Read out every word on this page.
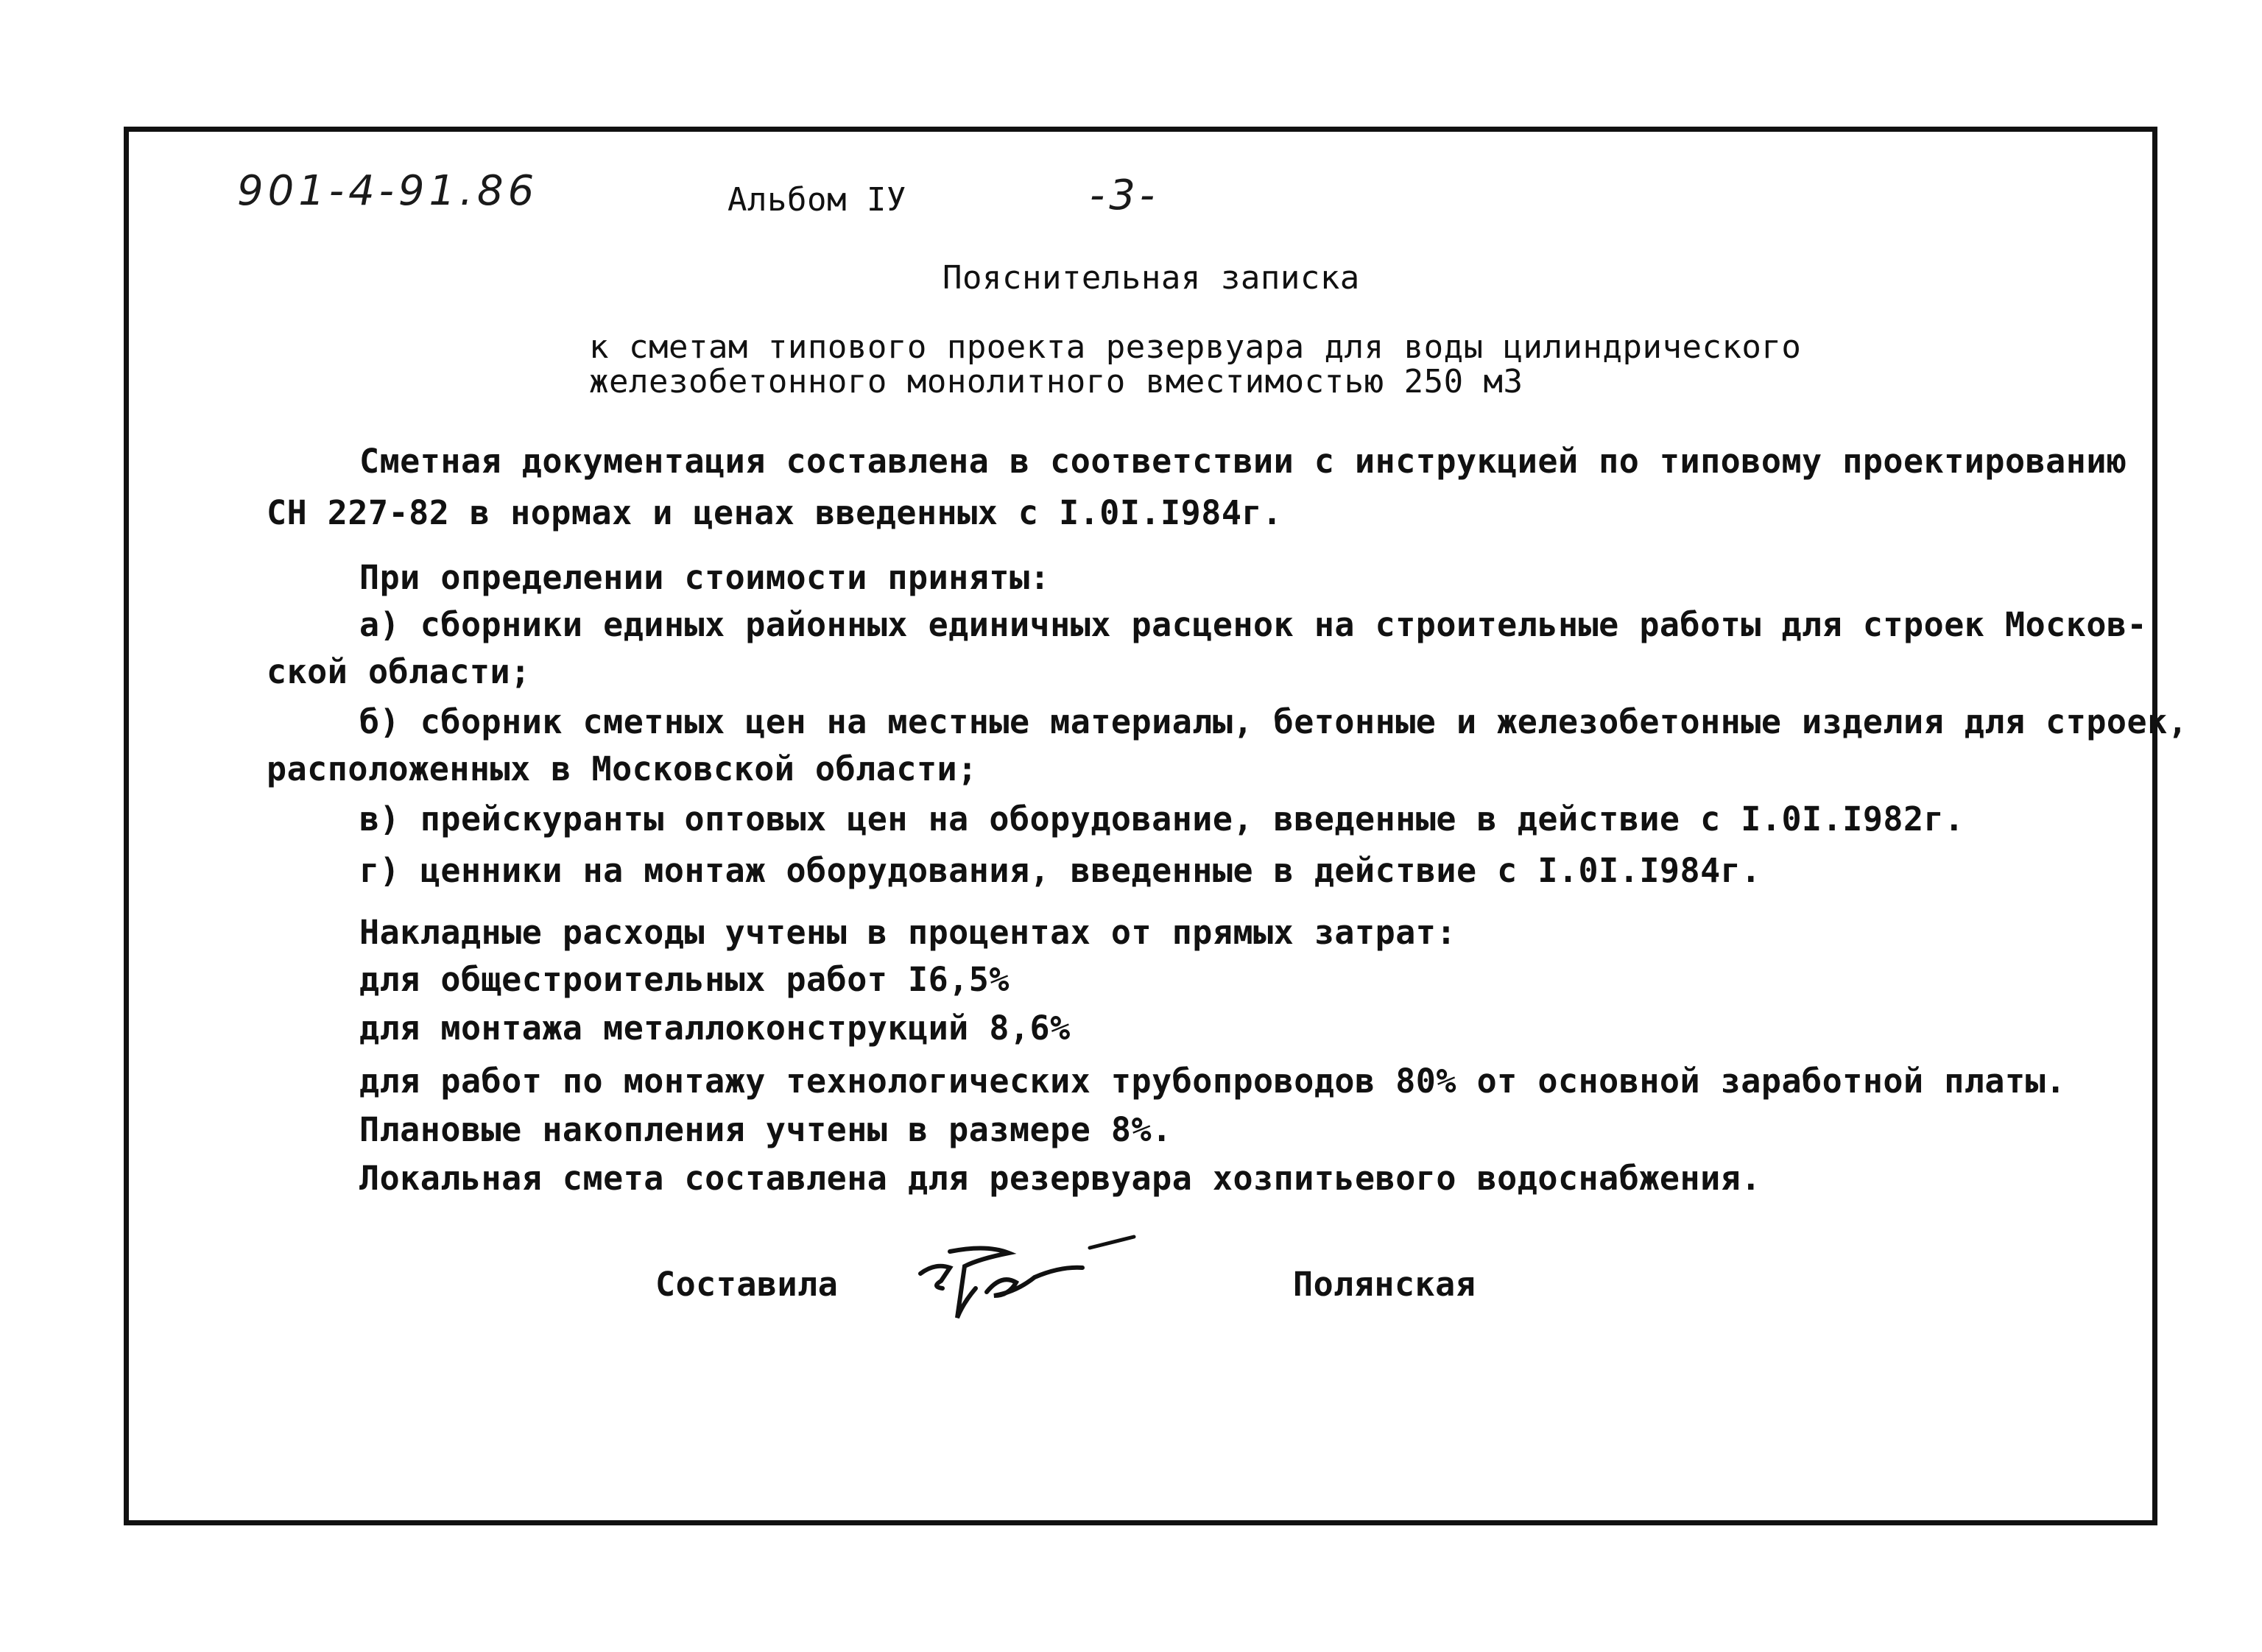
901-4-91.86	Альбом IУ	-3-
Пояснительная записка
к сметам типового проекта резервуара для воды цилиндрического
железобетонного монолитного вместимостью 250 м3
Сметная документация составлена в соответствии с инструкцией по типовому проектированию
СН 227-82 в нормах и ценах введенных с I.0I.I984г.
При определении стоимости приняты:
а) сборники единых районных единичных расценок на строительные работы для строек Москов-
ской области;
б) сборник сметных цен на местные материалы, бетонные и железобетонные изделия для строек,
расположенных в Московской области;
в) прейскуранты оптовых цен на оборудование, введенные в действие с I.0I.I982г.
г) ценники на монтаж оборудования, введенные в действие с I.0I.I984г.
Накладные расходы учтены в процентах от прямых затрат:
для общестроительных работ I6,5%
для монтажа металлоконструкций 8,6%
для работ по монтажу технологических трубопроводов 80% от основной заработной платы.
Плановые накопления учтены в размере 8%.
Локальная смета составлена для резервуара хозпитьевого водоснабжения.
Составила	Полянская
